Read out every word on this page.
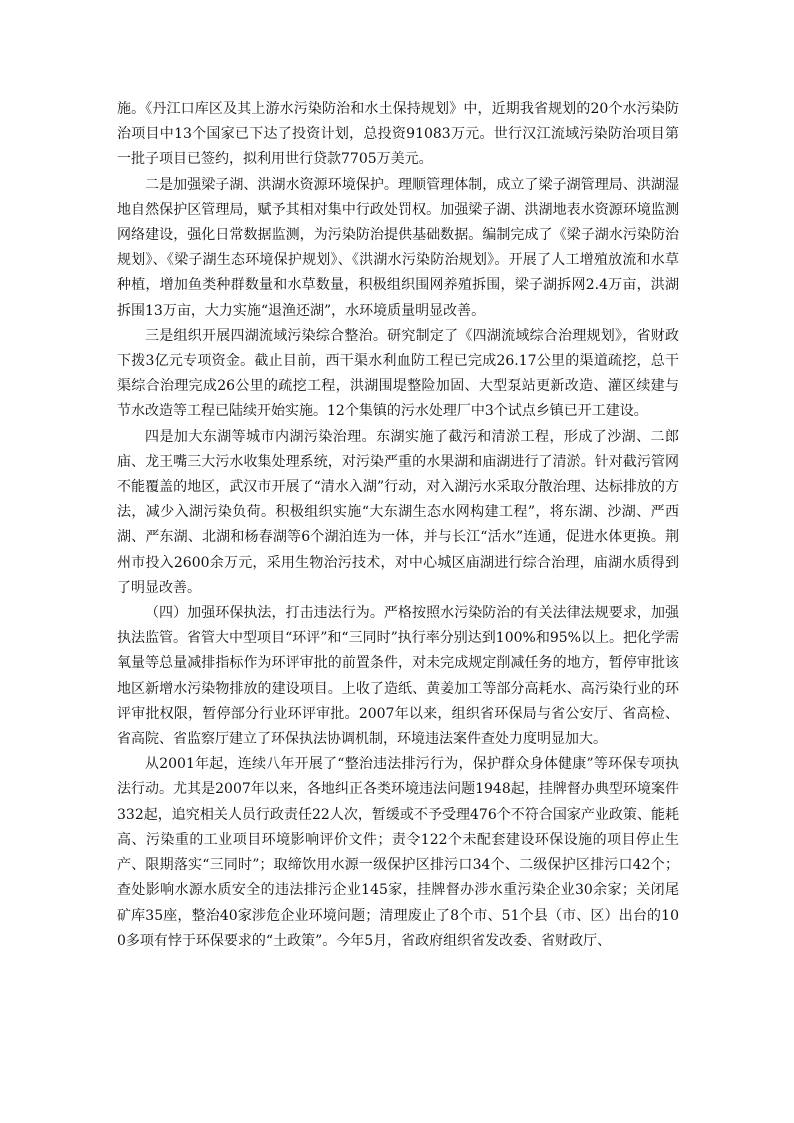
施。《丹江口库区及其上游水污染防治和水土保持规划》中，近期我省规划的20个水污染防治项目中13个国家已下达了投资计划，总投资91083万元。世行汉江流域污染防治项目第一批子项目已签约，拟利用世行贷款7705万美元。

二是加强梁子湖、洪湖水资源环境保护。理顺管理体制，成立了梁子湖管理局、洪湖湿地自然保护区管理局，赋予其相对集中行政处罚权。加强梁子湖、洪湖地表水资源环境监测网络建设，强化日常数据监测，为污染防治提供基础数据。编制完成了《梁子湖水污染防治规划》、《梁子湖生态环境保护规划》、《洪湖水污染防治规划》。开展了人工增殖放流和水草种植，增加鱼类种群数量和水草数量，积极组织围网养殖拆围，梁子湖拆网2.4万亩，洪湖拆围13万亩，大力实施“退渔还湖”，水环境质量明显改善。

三是组织开展四湖流域污染综合整治。研究制定了《四湖流域综合治理规划》，省财政下拨3亿元专项资金。截止目前，西干渠水利血防工程已完成26.17公里的渠道疏挖，总干渠综合治理完成26公里的疏挖工程，洪湖围堤整险加固、大型泵站更新改造、灌区续建与节水改造等工程已陆续开始实施。12个集镇的污水处理厂中3个试点乡镇已开工建设。

四是加大东湖等城市内湖污染治理。东湖实施了截污和清淤工程，形成了沙湖、二郎庙、龙王嘴三大污水收集处理系统，对污染严重的水果湖和庙湖进行了清淤。针对截污管网不能覆盖的地区，武汉市开展了“清水入湖”行动，对入湖污水采取分散治理、达标排放的方法，减少入湖污染负荷。积极组织实施“大东湖生态水网构建工程”，将东湖、沙湖、严西湖、严东湖、北湖和杨春湖等6个湖泊连为一体，并与长江“活水”连通，促进水体更换。荆州市投入2600余万元，采用生物治污技术，对中心城区庙湖进行综合治理，庙湖水质得到了明显改善。

（四）加强环保执法，打击违法行为。严格按照水污染防治的有关法律法规要求，加强执法监管。省管大中型项目“环评”和“三同时”执行率分别达到100%和95%以上。把化学需氧量等总量减排指标作为环评审批的前置条件，对未完成规定削减任务的地方，暂停审批该地区新增水污染物排放的建设项目。上收了造纸、黄姜加工等部分高耗水、高污染行业的环评审批权限，暂停部分行业环评审批。2007年以来，组织省环保局与省公安厅、省高检、省高院、省监察厅建立了环保执法协调机制，环境违法案件查处力度明显加大。

从2001年起，连续八年开展了“整治违法排污行为，保护群众身体健康”等环保专项执法行动。尤其是2007年以来，各地纠正各类环境违法问题1948起，挂牌督办典型环境案件332起，追究相关人员行政责任22人次，暂缓或不予受理476个不符合国家产业政策、能耗高、污染重的工业项目环境影响评价文件；责令122个未配套建设环保设施的项目停止生产、限期落实“三同时”；取缔饮用水源一级保护区排污口34个、二级保护区排污口42个；查处影响水源水质安全的违法排污企业145家，挂牌督办涉水重污染企业30余家；关闭尾矿库35座，整治40家涉危企业环境问题；清理废止了8个市、51个县（市、区）出台的100多项有悖于环保要求的“土政策”。今年5月，省政府组织省发改委、省财政厅、
